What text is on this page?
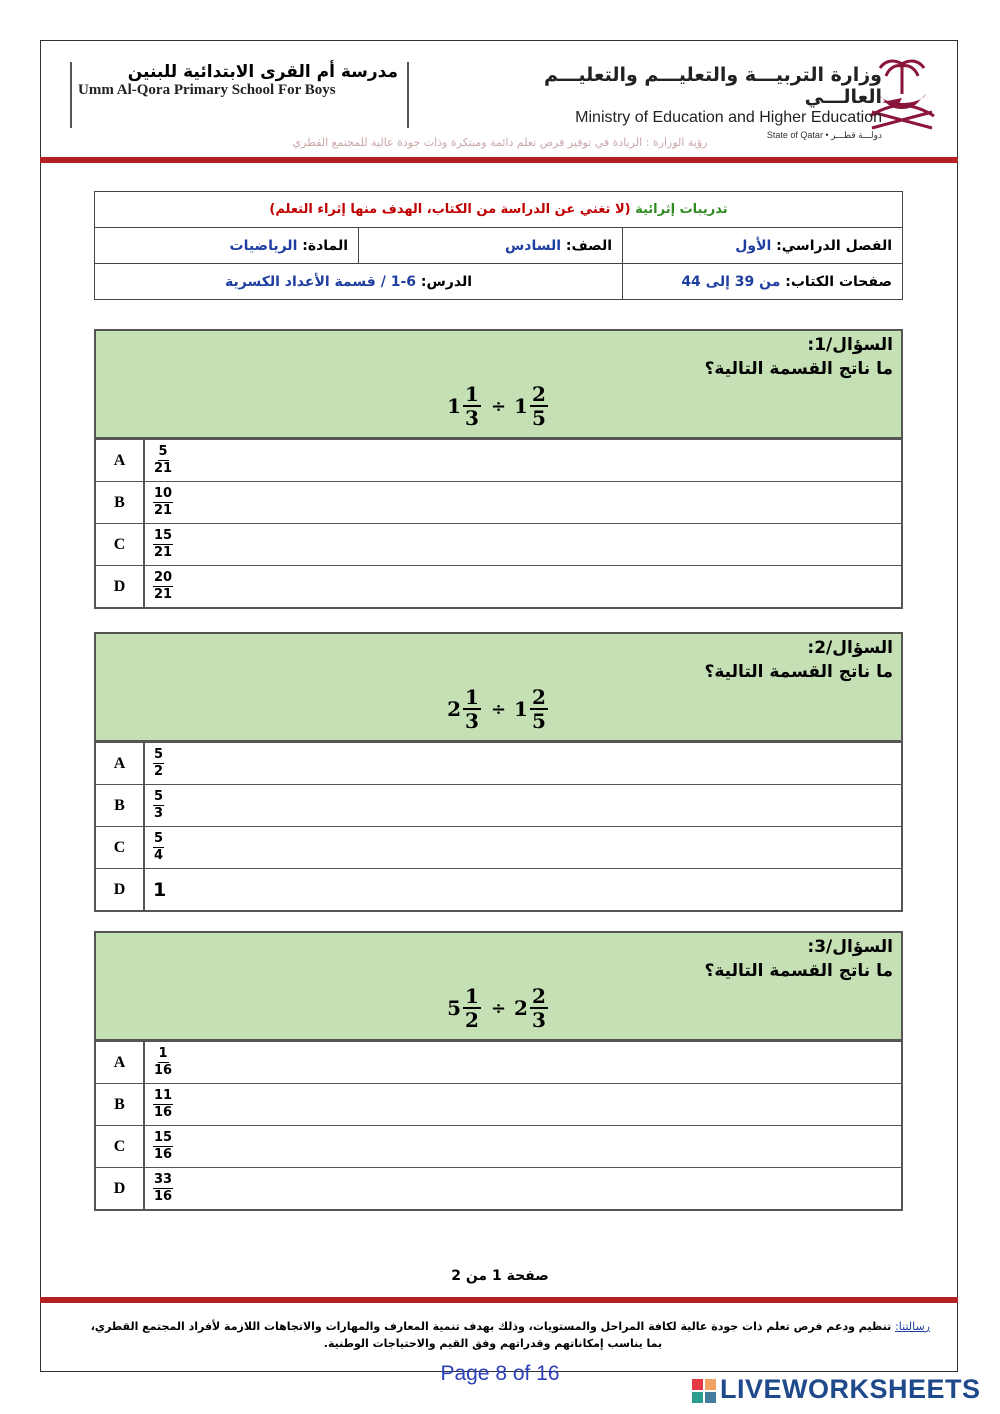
وزارة التربيـــة والتعليـــم والتعليـــم العالـــي
Ministry of Education and Higher Education
State of Qatar • دولـــة قطـــر
مدرسة أم القرى الابتدائية للبنين
Umm Al-Qora Primary School For Boys
رؤية الوزارة : الريادة في توفير فرص تعلم دائمة ومبتكرة وذات جودة عالية للمجتمع القطري
تدريبات إثرائية (لا تغني عن الدراسة من الكتاب، الهدف منها إثراء التعلم)		
المادة: الرياضيات	الصف: السادس	الفصل الدراسي: الأول
الدرس: 6-1 / قسمة الأعداد الكسرية		صفحات الكتاب: من 39 إلى 44
السؤال/1:
ما ناتج القسمة التالية؟
$1 \frac{1}{3} \div 1 \frac{2}{5}$
A	$\frac{5}{21}$
B	$\frac{10}{21}$
C	$\frac{15}{21}$
D	$\frac{20}{21}$
السؤال/2:
ما ناتج القسمة التالية؟
$2 \frac{1}{3} \div 1 \frac{2}{5}$
A	$\frac{5}{2}$
B	$\frac{5}{3}$
C	$\frac{5}{4}$
D	1
السؤال/3:
ما ناتج القسمة التالية؟
$5 \frac{1}{2} \div 2 \frac{2}{3}$
A	$\frac{1}{16}$
B	$\frac{11}{16}$
C	$\frac{15}{16}$
D	$\frac{33}{16}$
صفحة 1 من 2
رسالتنا: تنظيم ودعم فرص تعلم ذات جودة عالية لكافة المراحل والمستويات، وذلك بهدف تنمية المعارف والمهارات والاتجاهات اللازمة لأفراد المجتمع القطري،

بما يناسب إمكاناتهم وقدراتهم وفق القيم والاحتياجات الوطنية.
Page 8 of 16
LIVEWORKSHEETS
